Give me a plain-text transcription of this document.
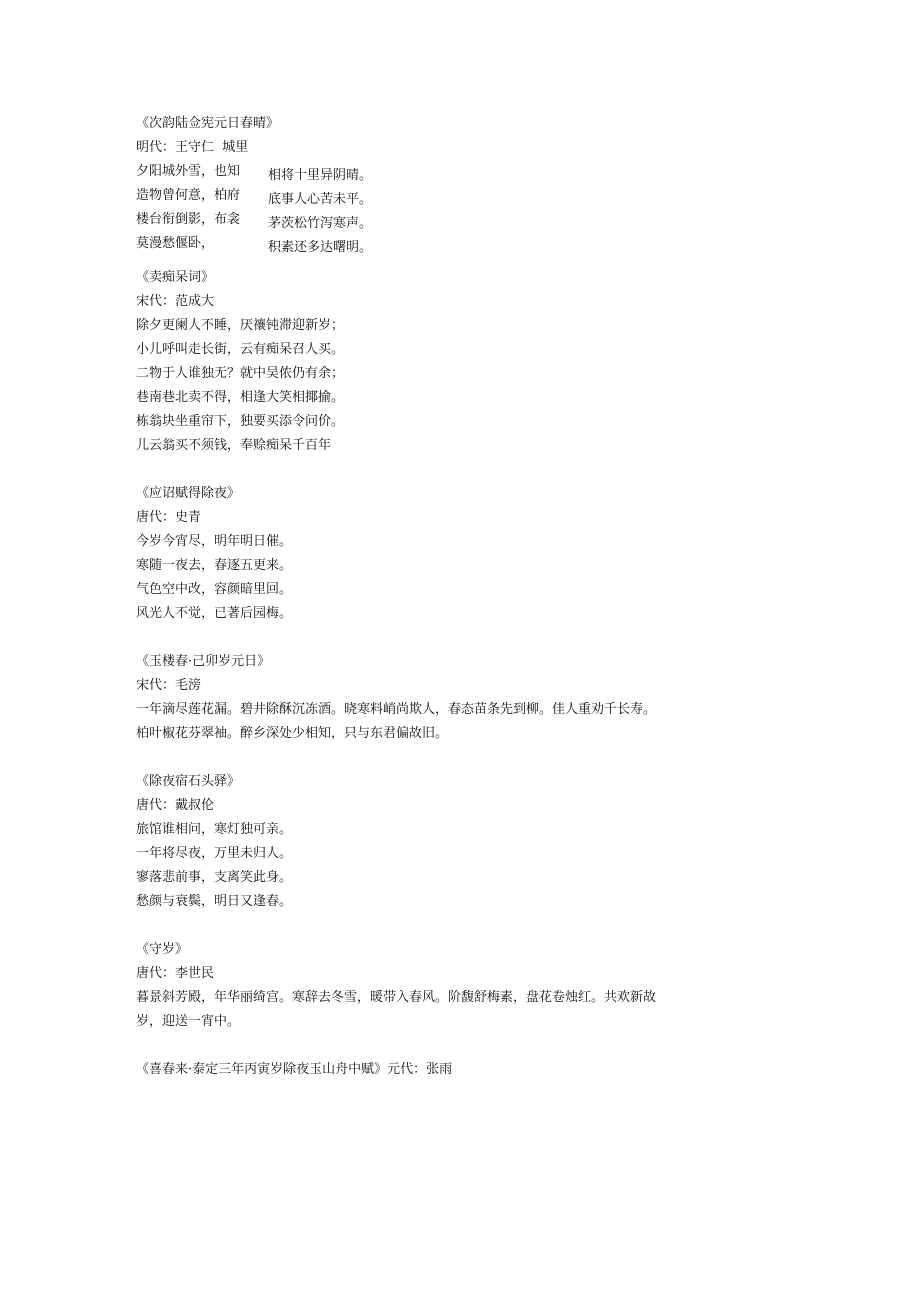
《次韵陆佥宪元日春晴》
明代：王守仁 城里
夕阳城外雪，也知
造物曾何意，柏府
楼台衔倒影，布衾
莫漫愁偃卧，
相将十里异阴晴。
底事人心苦未平。
茅茨松竹泻寒声。
积素还多达曙明。
《卖痴呆词》
宋代：范成大
除夕更阑人不睡，厌禳钝滞迎新岁；
小儿呼叫走长街，云有痴呆召人买。
二物于人谁独无？就中吴侬仍有余；
巷南巷北卖不得，相逢大笑相揶揄。
栋翁块坐重帘下，独要买添令问价。
儿云翁买不须钱，奉赊痴呆千百年
《应诏赋得除夜》
唐代：史青
今岁今宵尽，明年明日催。
寒随一夜去，春逐五更来。
气色空中改，容颜暗里回。
风光人不觉，已著后园梅。
《玉楼春·己卯岁元日》
宋代：毛滂
一年滴尽莲花漏。碧井除酥沉冻酒。晓寒料峭尚欺人，春态苗条先到柳。佳人重劝千长寿。柏叶椒花芬翠袖。醉乡深处少相知，只与东君偏故旧。
《除夜宿石头驿》
唐代：戴叔伦
旅馆谁相问，寒灯独可亲。
一年将尽夜，万里未归人。
寥落悲前事，支离笑此身。
愁颜与衰鬓，明日又逢春。
《守岁》
唐代：李世民
暮景斜芳殿，年华丽绮宫。寒辞去冬雪，暖带入春风。阶馥舒梅素，盘花卷烛红。共欢新故岁，迎送一宵中。
《喜春来·泰定三年丙寅岁除夜玉山舟中赋》元代：张雨
